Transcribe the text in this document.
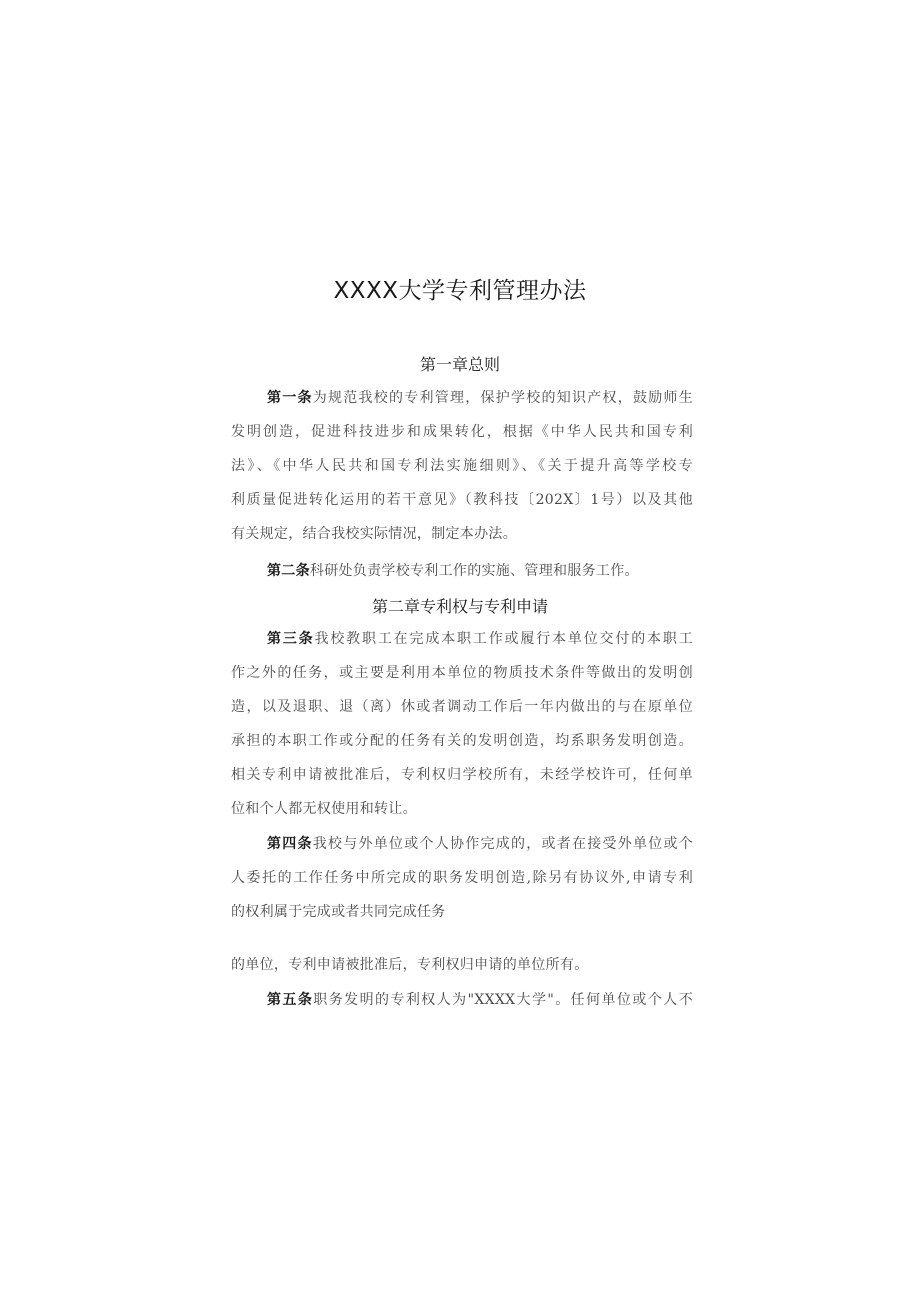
XXXX大学专利管理办法
第一章总则
第一条为规范我校的专利管理，保护学校的知识产权，鼓励师生
发明创造，促进科技进步和成果转化，根据《中华人民共和国专利
法》、《中华人民共和国专利法实施细则》、《关于提升高等学校专
利质量促进转化运用的若干意见》（教科技〔202X〕1号）以及其他
有关规定，结合我校实际情况，制定本办法。
第二条科研处负责学校专利工作的实施、管理和服务工作。
第二章专利权与专利申请
第三条我校教职工在完成本职工作或履行本单位交付的本职工
作之外的任务，或主要是利用本单位的物质技术条件等做出的发明创
造，以及退职、退（离）休或者调动工作后一年内做出的与在原单位
承担的本职工作或分配的任务有关的发明创造，均系职务发明创造。
相关专利申请被批准后，专利权归学校所有，未经学校许可，任何单
位和个人都无权使用和转让。
第四条我校与外单位或个人协作完成的，或者在接受外单位或个
人委托的工作任务中所完成的职务发明创造,除另有协议外,申请专利
的权利属于完成或者共同完成任务
的单位，专利申请被批准后，专利权归申请的单位所有。
第五条职务发明的专利权人为"XXXX大学"。任何单位或个人不
